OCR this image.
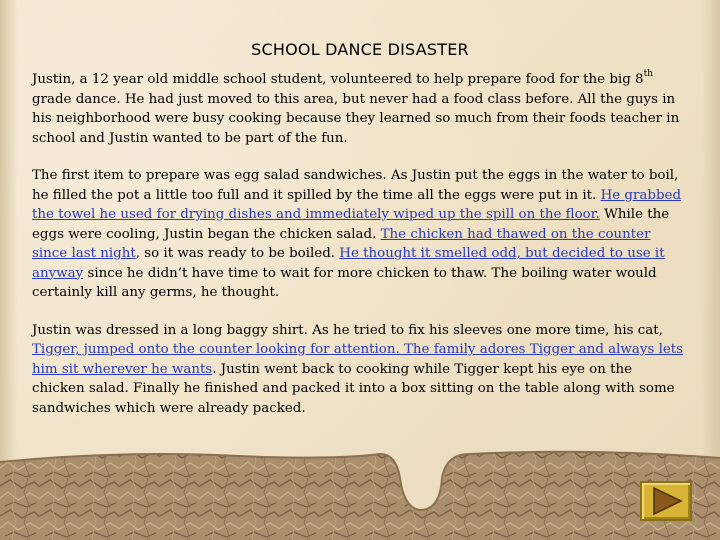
SCHOOL DANCE DISASTER

Justin, a 12 year old middle school student, volunteered to help prepare food for the big 8th grade dance. He had just moved to this area, but never had a food class before. All the guys in his neighborhood were busy cooking because they learned so much from their foods teacher in school and Justin wanted to be part of the fun.

The first item to prepare was egg salad sandwiches. As Justin put the eggs in the water to boil, he filled the pot a little too full and it spilled by the time all the eggs were put in it. He grabbed the towel he used for drying dishes and immediately wiped up the spill on the floor. While the eggs were cooling, Justin began the chicken salad. The chicken had thawed on the counter since last night, so it was ready to be boiled. He thought it smelled odd, but decided to use it anyway since he didn’t have time to wait for more chicken to thaw. The boiling water would certainly kill any germs, he thought.

Justin was dressed in a long baggy shirt. As he tried to fix his sleeves one more time, his cat, Tigger, jumped onto the counter looking for attention. The family adores Tigger and always lets him sit wherever he wants. Justin went back to cooking while Tigger kept his eye on the chicken salad. Finally he finished and packed it into a box sitting on the table along with some sandwiches which were already packed.
